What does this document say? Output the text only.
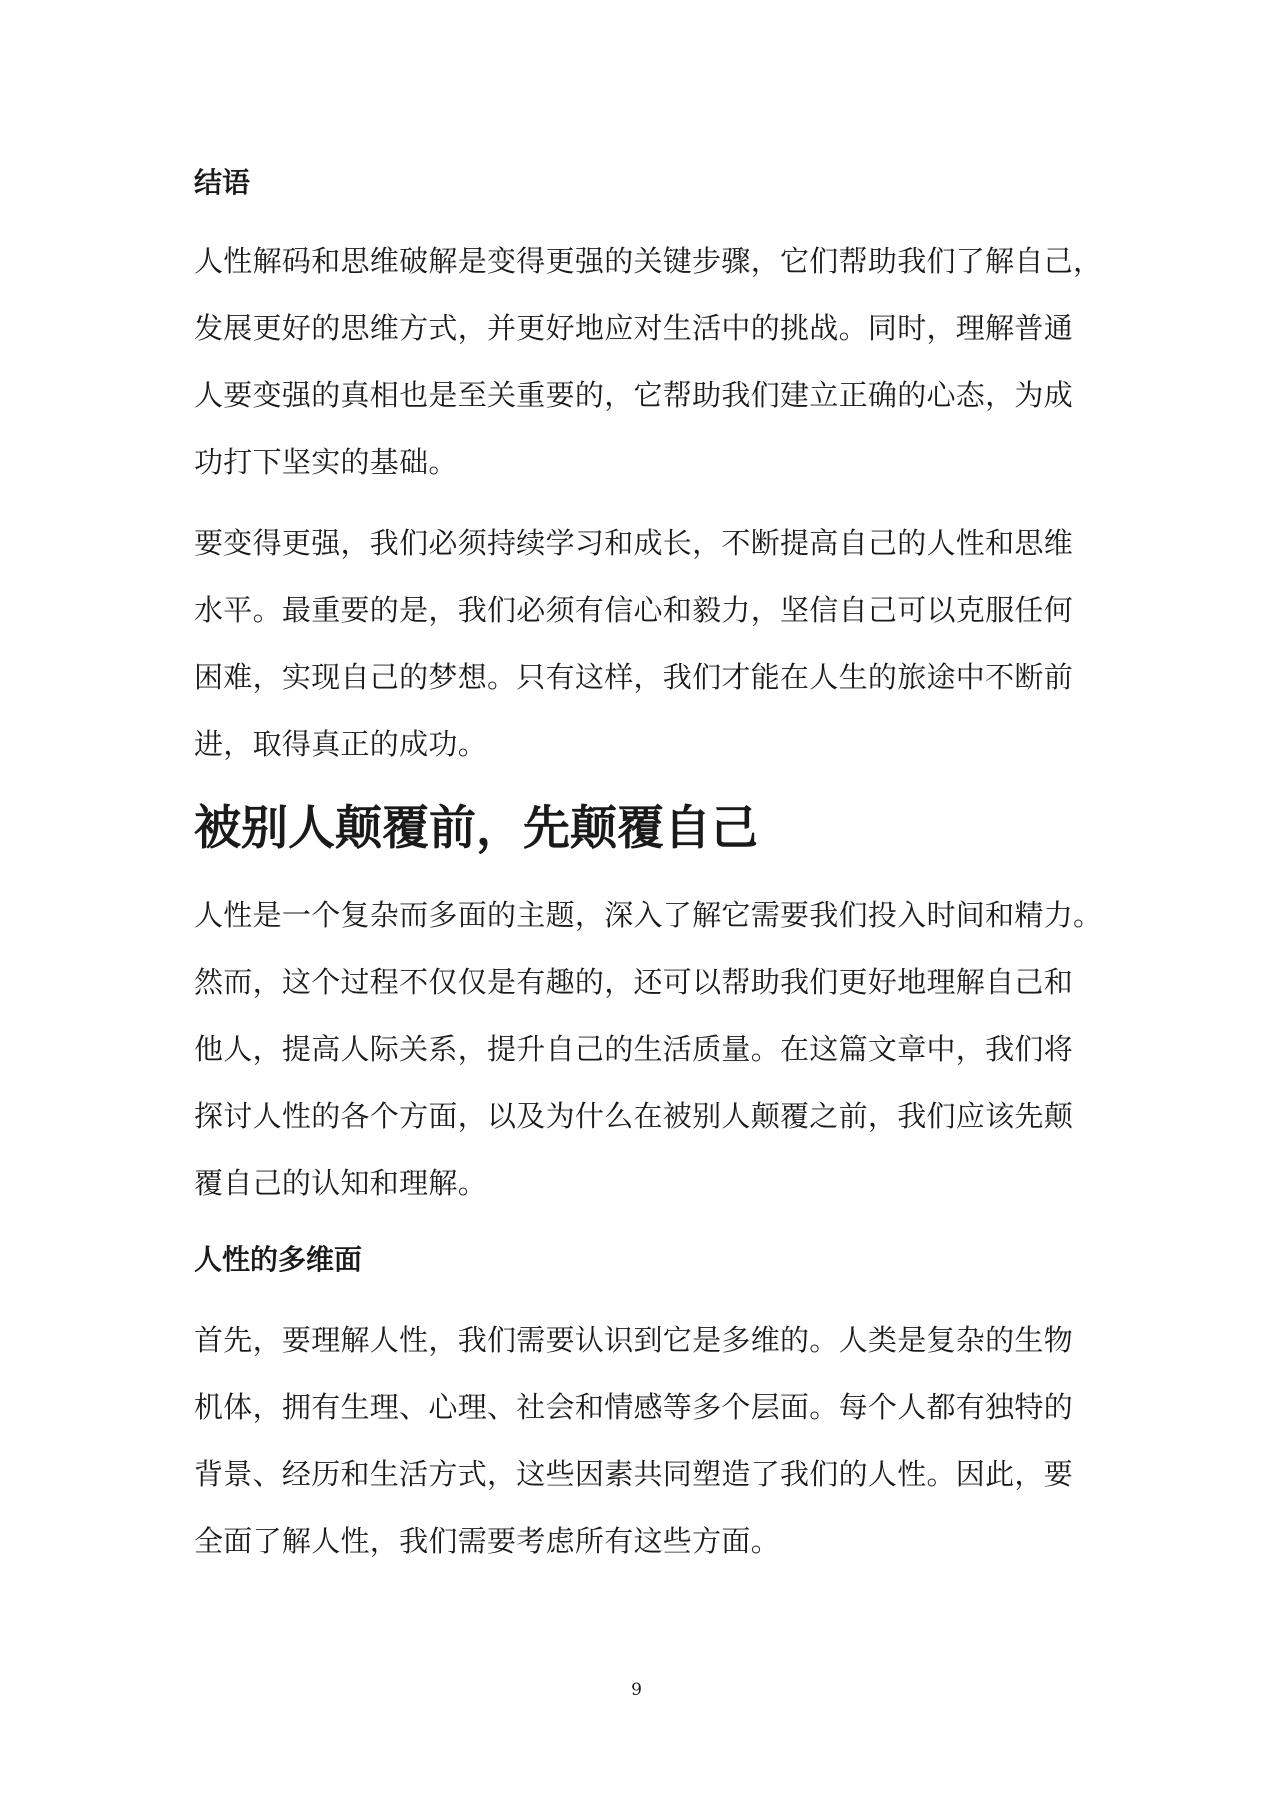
结语

人性解码和思维破解是变得更强的关键步骤，它们帮助我们了解自己，
发展更好的思维方式，并更好地应对生活中的挑战。同时，理解普通
人要变强的真相也是至关重要的，它帮助我们建立正确的心态，为成
功打下坚实的基础。

要变得更强，我们必须持续学习和成长，不断提高自己的人性和思维
水平。最重要的是，我们必须有信心和毅力，坚信自己可以克服任何
困难，实现自己的梦想。只有这样，我们才能在人生的旅途中不断前
进，取得真正的成功。

被别人颠覆前，先颠覆自己

人性是一个复杂而多面的主题，深入了解它需要我们投入时间和精力。
然而，这个过程不仅仅是有趣的，还可以帮助我们更好地理解自己和
他人，提高人际关系，提升自己的生活质量。在这篇文章中，我们将
探讨人性的各个方面，以及为什么在被别人颠覆之前，我们应该先颠
覆自己的认知和理解。

人性的多维面

首先，要理解人性，我们需要认识到它是多维的。人类是复杂的生物
机体，拥有生理、心理、社会和情感等多个层面。每个人都有独特的
背景、经历和生活方式，这些因素共同塑造了我们的人性。因此，要
全面了解人性，我们需要考虑所有这些方面。

9
